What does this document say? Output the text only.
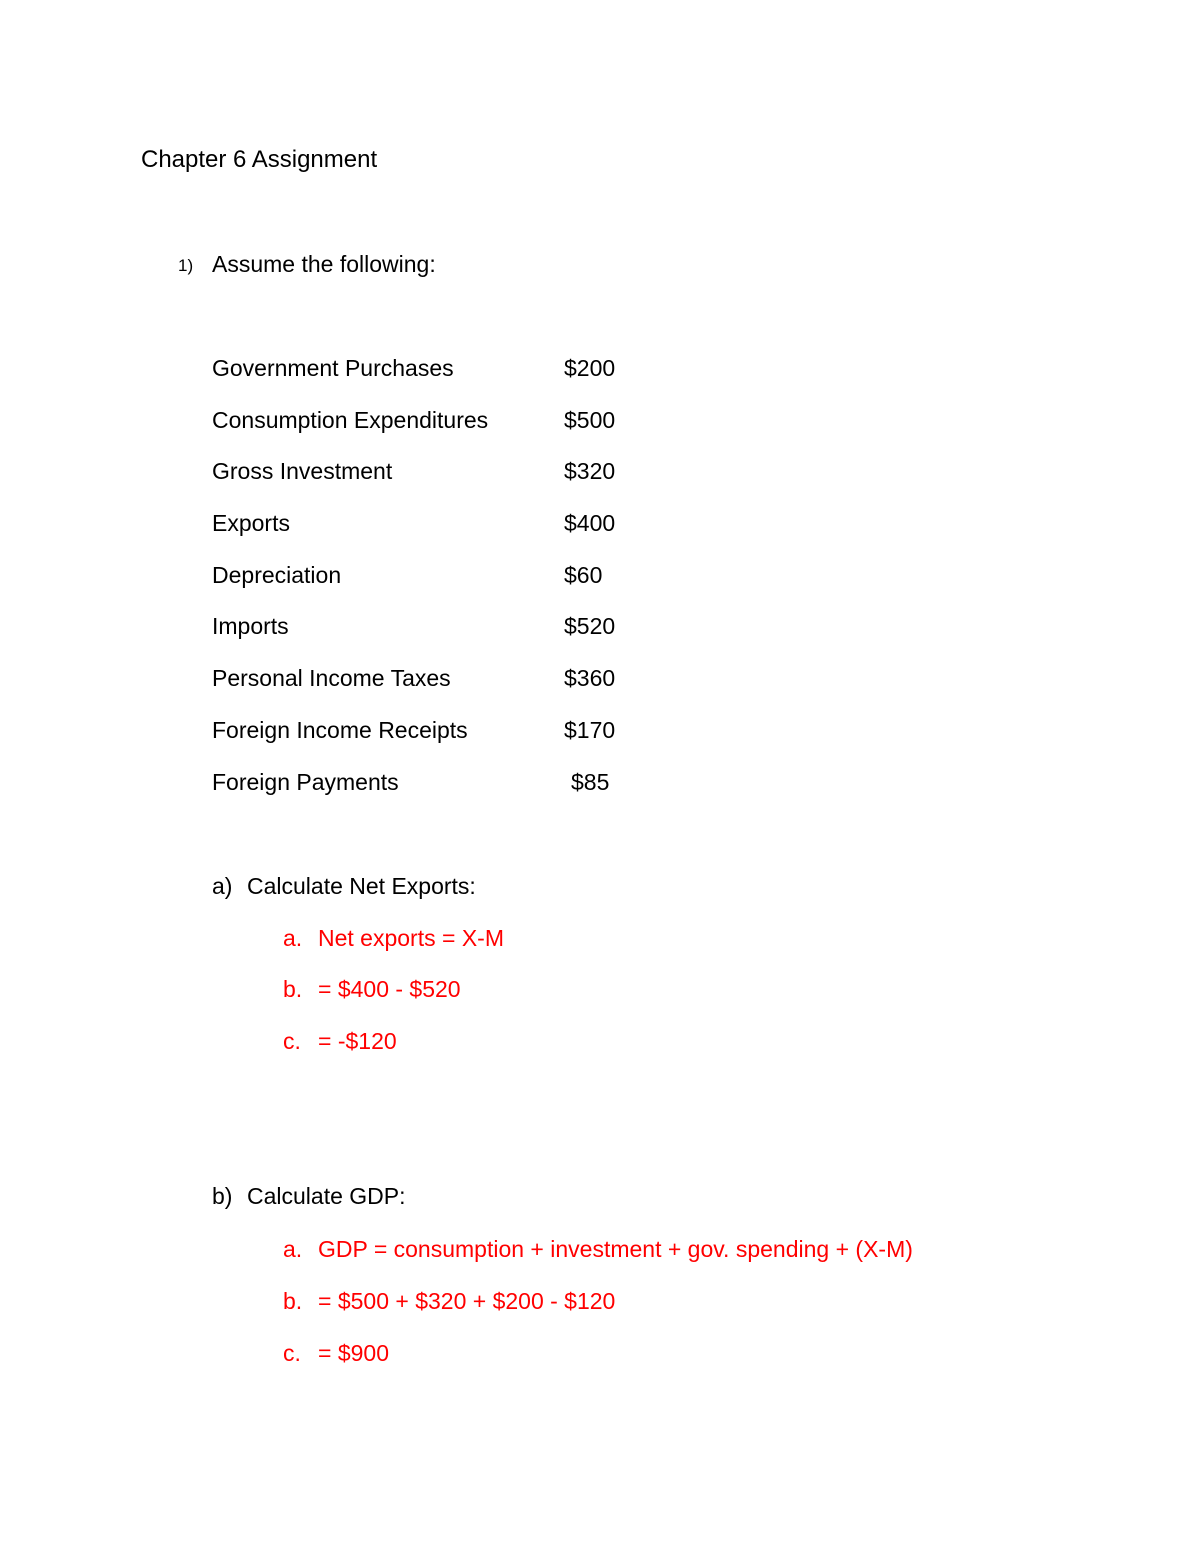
Chapter 6 Assignment
1) Assume the following:
Government Purchases	$200
Consumption Expenditures	$500
Gross Investment	$320
Exports	$400
Depreciation	$60
Imports	$520
Personal Income Taxes	$360
Foreign Income Receipts	$170
Foreign Payments	$85
a) Calculate Net Exports:
a. Net exports = X-M
b. = $400 - $520
c. = -$120
b) Calculate GDP:
a. GDP = consumption + investment + gov. spending + (X-M)
b. = $500 + $320 + $200 - $120
c. = $900
